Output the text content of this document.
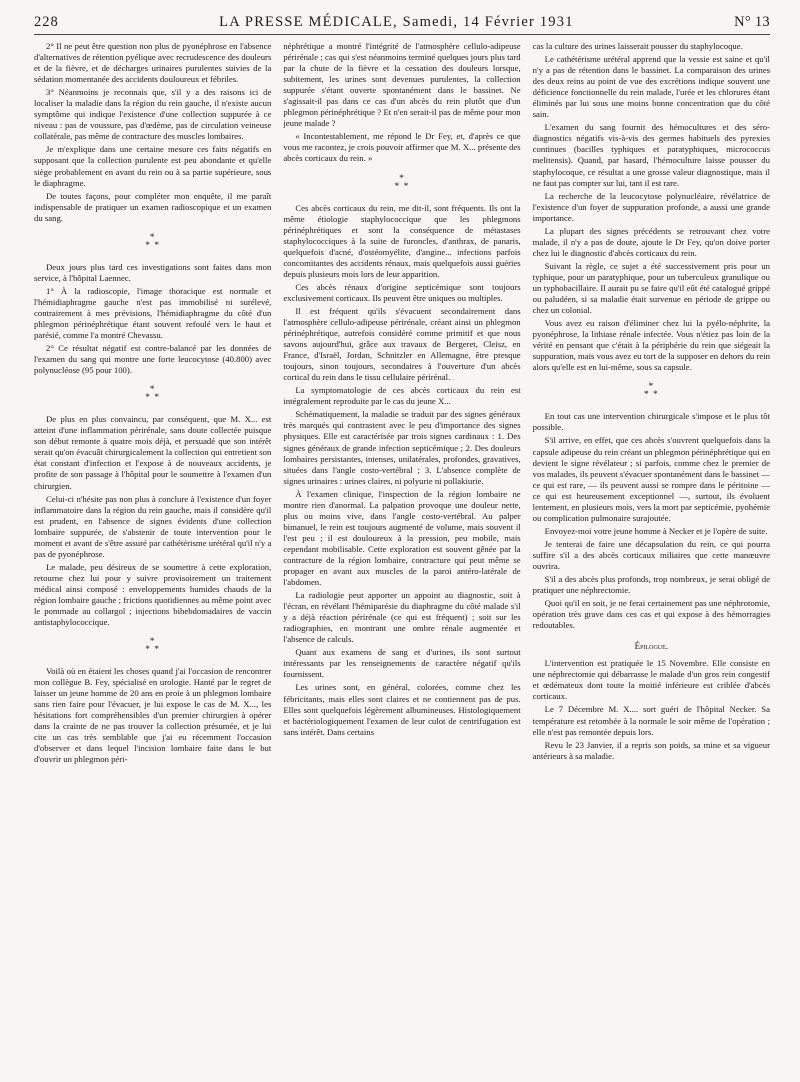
228	LA PRESSE MÉDICALE, Samedi, 14 Février 1931	N° 13

2° Il ne peut être question non plus de pyonéphrose en l'absence d'alternatives de rétention pyélique avec recrudescence des douleurs et de la fièvre, et de décharges urinaires purulentes suivies de la sédation momentanée des accidents douloureux et fébriles.

3° Néanmoins je reconnais que, s'il y a des raisons ici de localiser la maladie dans la région du rein gauche, il n'existe aucun symptôme qui indique l'existence d'une collection suppurée à ce niveau : pas de voussure, pas d'œdème, pas de circulation veineuse collatérale, pas même de contracture des muscles lombaires.

Je m'explique dans une certaine mesure ces faits négatifs en supposant que la collection purulente est peu abondante et qu'elle siège probablement en avant du rein ou à sa partie supérieure, sous le diaphragme.

De toutes façons, pour compléter mon enquête, il me paraît indispensable de pratiquer un examen radioscopique et un examen du sang.

*
* *

Deux jours plus tard ces investigations sont faites dans mon service, à l'hôpital Laennec.

1° À la radioscopie, l'image thoracique est normale et l'hémidiaphragme gauche n'est pas immobilisé ni surélevé, contrairement à mes prévisions, l'hémidiaphragme du côté d'un phlegmon périnéphrétique étant souvent refoulé vers le haut et parésié, comme l'a montré Chevassu.

2° Ce résultat négatif est contre-balancé par les données de l'examen du sang qui montre une forte leucocytose (40.800) avec polynucléose (95 pour 100).

*
* *

De plus en plus convaincu, par conséquent, que M. X... est atteint d'une inflammation périrénale, sans doute collectée puisque son début remonte à quatre mois déjà, et persuadé que son intérêt serait qu'on évacuât chirurgicalement la collection qui entretient son état constant d'infection et l'expose à de nouveaux accidents, je profite de son passage à l'hôpital pour le soumettre à l'examen d'un chirurgien.

Celui-ci n'hésite pas non plus à conclure à l'existence d'un foyer inflammatoire dans la région du rein gauche, mais il considère qu'il est prudent, en l'absence de signes évidents d'une collection lombaire suppurée, de s'abstenir de toute intervention pour le moment et avant de s'être assuré par cathétérisme urétéral qu'il n'y a pas de pyonéphrose.

Le malade, peu désireux de se soumettre à cette exploration, retourne chez lui pour y suivre provisoirement un traitement médical ainsi composé : enveloppements humides chauds de la région lombaire gauche ; frictions quotidiennes au même point avec le pommade au collargol ; injections bihebdomadaires de vaccin antistaphylococcique.

*
* *

Voilà où en étaient les choses quand j'ai l'occasion de rencontrer mon collègue B. Fey, spécialisé en urologie. Hanté par le regret de laisser un jeune homme de 20 ans en proie à un phlegmon lombaire sans rien faire pour l'évacuer, je lui expose le cas de M. X..., les hésitations fort compréhensibles d'un premier chirurgien à opérer dans la crainte de ne pas trouver la collection présumée, et je lui cite un cas très semblable que j'ai eu récemment l'occasion d'observer et dans lequel l'incision lombaire faite dans le but d'ouvrir un phlegmon péri-

néphrétique a montré l'intégrité de l'atmosphère cellulo-adipeuse périrénale ; cas qui s'est néanmoins terminé quelques jours plus tard par la chute de la fièvre et la cessation des douleurs lorsque, subitement, les urines sont devenues purulentes, la collection suppurée s'étant ouverte spontanément dans le bassinet. Ne s'agissait-il pas dans ce cas d'un abcès du rein plutôt que d'un phlegmon périnéphrétique ? Et n'en serait-il pas de même pour mon jeune malade ?

« Incontestablement, me répond le Dr Fey, et, d'après ce que vous me racontez, je crois pouvoir affirmer que M. X... présente des abcès corticaux du rein. »

*
* *

Ces abcès corticaux du rein, me dit-il, sont fréquents. Ils ont la même étiologie staphylococcique que les phlegmons périnéphrétiques et sont la conséquence de métastases staphylococciques à la suite de furoncles, d'anthrax, de panaris, quelquefois d'acné, d'ostéomyélite, d'angine... infections parfois concomitantes des accidents rénaux, mais quelquefois aussi guéries depuis plusieurs mois lors de leur apparition.

Ces abcès rénaux d'origine septicémique sont toujours exclusivement corticaux. Ils peuvent être uniques ou multiples.

Il est fréquent qu'ils s'évacuent secondairement dans l'atmosphère cellulo-adipeuse périrénale, créant ainsi un phlegmon périnéphrétique, autrefois considéré comme primitif et que nous savons aujourd'hui, grâce aux travaux de Bergeret, Cleisz, en France, d'Israël, Jordan, Schnitzler en Allemagne, être presque toujours, sinon toujours, secondaires à l'ouverture d'un abcès cortical du rein dans le tissu cellulaire périrénal.

La symptomatologie de ces abcès corticaux du rein est intégralement reproduite par le cas du jeune X...

Schématiquement, la maladie se traduit par des signes généraux très marqués qui contrastent avec le peu d'importance des signes physiques. Elle est caractérisée par trois signes cardinaux : 1. Des signes généraux de grande infection septicémique ; 2. Des douleurs lombaires persistantes, intenses, unilatérales, profondes, gravatives, situées dans l'angle costo-vertébral ; 3. L'absence complète de signes urinaires : urines claires, ni polyurie ni pollakiurie.

À l'examen clinique, l'inspection de la région lombaire ne montre rien d'anormal. La palpation provoque une douleur nette, plus ou moins vive, dans l'angle costo-vertébral. Au palper bimanuel, le rein est toujours augmenté de volume, mais souvent il l'est peu ; il est douloureux à la pression, peu mobile, mais cependant mobilisable. Cette exploration est souvent gênée par la contracture de la région lombaire, contracture qui peut même se propager en avant aux muscles de la paroi antéro-latérale de l'abdomen.

La radiologie peut apporter un appoint au diagnostic, soit à l'écran, en révélant l'hémiparésie du diaphragme du côté malade s'il y a déjà réaction périrénale (ce qui est fréquent) ; soit sur les radiographies, en montrant une ombre rénale augmentée et l'absence de calculs.

Quant aux examens de sang et d'urines, ils sont surtout intéressants par les renseignements de caractère négatif qu'ils fournissent.

Les urines sont, en général, colorées, comme chez les fébricitants, mais elles sont claires et ne contiennent pas de pus. Elles sont quelquefois légèrement albumineuses. Histologiquement et bactériologiquement l'examen de leur culot de centrifugation est sans intérêt. Dans certains

cas la culture des urines laisserait pousser du staphylocoque.

Le cathétérisme urétéral apprend que la vessie est saine et qu'il n'y a pas de rétention dans le bassinet. La comparaison des urines des deux reins au point de vue des excrétions indique souvent une déficience fonctionnelle du rein malade, l'urée et les chlorures étant éliminés par lui sous une moins bonne concentration que du côté sain.

L'examen du sang fournit des hémocultures et des séro-diagnostics négatifs vis-à-vis des germes habituels des pyrexies continues (bacilles typhiques et paratyphiques, micrococcus melitensis). Quand, par hasard, l'hémoculture laisse pousser du staphylocoque, ce résultat a une grosse valeur diagnostique, mais il ne faut pas compter sur lui, tant il est rare.

La recherche de la leucocytose polynucléaire, révélatrice de l'existence d'un foyer de suppuration profonde, a aussi une grande importance.

La plupart des signes précédents se retrouvant chez votre malade, il n'y a pas de doute, ajoute le Dr Fey, qu'on doive porter chez lui le diagnostic d'abcès corticaux du rein.

Suivant la règle, ce sujet a été successivement pris pour un typhique, pour un paratyphique, pour un tuberculeux granulique ou un typhobacillaire. Il aurait pu se faire qu'il eût été catalogué grippé ou paludéen, si sa maladie était survenue en période de grippe ou chez un colonial.

Vous avez eu raison d'éliminer chez lui la pyélo-néphrite, la pyonéphrose, la lithiase rénale infectée. Vous n'étiez pas loin de la vérité en pensant que c'était à la périphérie du rein que siégeait la suppuration, mais vous avez eu tort de la supposer en dehors du rein alors qu'elle est en lui-même, sous sa capsule.

*
* *

En tout cas une intervention chirurgicale s'impose et le plus tôt possible.

S'il arrive, en effet, que ces abcès s'ouvrent quelquefois dans la capsule adipeuse du rein créant un phlegmon périnéphrétique qui en devient le signe révélateur ; si parfois, comme chez le premier de vos malades, ils peuvent s'évacuer spontanément dans le bassinet — ce qui est rare, — ils peuvent aussi se rompre dans le péritoine — ce qui est heureusement exceptionnel —, surtout, ils évoluent lentement, en plusieurs mois, vers la mort par septicémie, pyohémie ou complication pulmonaire surajoutée.

Envoyez-moi votre jeune homme à Necker et je l'opère de suite.

Je tenterai de faire une décapsulation du rein, ce qui pourra suffire s'il a des abcès corticaux miliaires que cette manœuvre ouvrira.

S'il a des abcès plus profonds, trop nombreux, je serai obligé de pratiquer une néphrectomie.

Quoi qu'il en soit, je ne ferai certainement pas une néphrotomie, opération très grave dans ces cas et qui expose à des hémorragies redoutables.

Épilogue.

L'intervention est pratiquée le 15 Novembre. Elle consiste en une néphrectomie qui débarrasse le malade d'un gros rein congestif et œdémateux dont toute la moitié inférieure est criblée d'abcès corticaux.

Le 7 Décembre M. X.... sort guéri de l'hôpital Necker. Sa température est retombée à la normale le soir même de l'opération ; elle n'est pas remontée depuis lors.

Revu le 23 Janvier, il a repris son poids, sa mine et sa vigueur antérieurs à sa maladie.
